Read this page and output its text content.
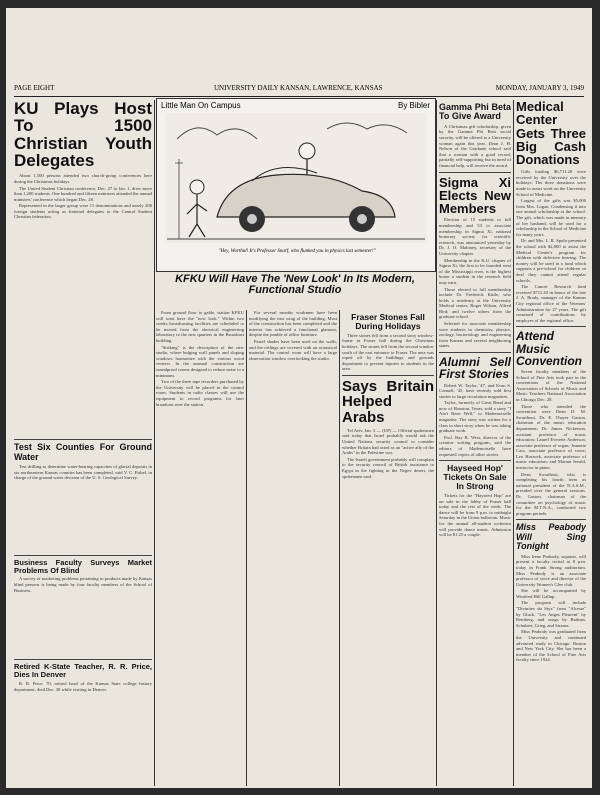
PAGE EIGHT	UNIVERSITY DAILY KANSAN, LAWRENCE, KANSAS	MONDAY, JANUARY 3, 1949
KU Plays Host To 1500 Christian Youth Delegates

About 1,500 persons attended two church-group conferences here during the Christmas holidays.

The United Student Christian conference, Dec. 27 to Jan. 1, drew more than 1,200 students. One hundred and fifteen ministers attended the annual ministers' conference which began Dec. 28.

Represented in the larger group were 11 denominations and nearly 200 foreign students acting as fraternal delegates to the Central Student Christian federation.

Test Six Counties For Ground Water

Test drilling to determine water-bearing capacities of glacial deposits in six northeastern Kansas counties has been completed, said V. C. Fishel, in charge of the ground water division of the U. S. Geological Survey.

Business Faculty Surveys Market Problems Of Blind

A survey of marketing problems pertaining to products made by Kansas blind persons is being made by four faculty members of the School of Business.

Retired K-State Teacher, R. R. Price, Dies In Denver

R. R. Price, 70, retired head of the Kansas State college history department, died Dec. 30 while visiting in Denver.

Little Man On Campus	By Bibler
"Hey, Worthal! It's Professor Snarf, who flunked you in physics last semester!"
KFKU Will Have The 'New Look' In Its Modern, Functional Studio

From ground floor to gable, station KFKU will soon have the "new look." Within two weeks broadcasting facilities are scheduled to be moved from the electrical engineering laboratory to the new quarters in the Broadcast building.

"Striking" is the description of the new studio, where bulging wall panels and sloping windows harmonize with the various wood veneers. In the unusual construction are soundproof rooms designed to reduce noise to a minimum.

Two of the three tape recorders purchased by the University will be placed in the control room. Students in radio classes will use the equipment to record programs for later broadcast over the station.

For several months workmen have been modifying the east wing of the building. Most of the construction has been completed and the interior has achieved a functional glamour, despite the jumble of office furniture.

Pastel shades have been used on the walls, and the ceilings are covered with an acoustical material. The control room will have a large observation window overlooking the studio.

Fraser Stones Fall During Holidays

Three stones fell from a second story window-frame in Fraser hall during the Christmas holidays. The stones fell from the second window south of the east entrance to Fraser. The area was roped off by the buildings and grounds department to prevent injuries to students in the area.

Says Britain Helped Arabs

Tel Aviv, Jan. 3 — (UP) — Official spokesmen said today that Israel probably would ask the United Nations security council to consider whether Britain had acted as an "active ally of the Arabs" in the Palestine war.

The Israeli government probably will complain to the security council of British assistance to Egypt in the fighting in the Negev desert, the spokesmen said.

Gamma Phi Beta To Give Award

A Christmas gift scholarship, given by the Gamma Phi Beta social sorority, will be offered to a University woman again this year. Dean J. H. Nelson of the Graduate school said that a woman with a good record, partially self-supporting but in need of financial help, will receive the award.

Sigma Xi Elects New Members

Election of 15 students to full membership and 53 to associate membership in Sigma Xi, national honorary society for scientific research, was announced yesterday by Dr. J. O. Maloney, secretary of the University chapter.

Membership in the K.U. chapter of Sigma Xi, the first to be founded west of the Mississippi river, is the highest honor a student in the research field may earn.

Those elected to full membership include Dr. Frederick Kittle, who holds a residency at the University Medical center; Roger Wilson, Alfred Bird; and twelve others from the graduate school.

Selected for associate membership were students in chemistry, physics, zoology, bacteriology and engineering from Kansas and several neighboring states.

Alumni Sell First Stories

Robert W. Taylor, '47, and Evan S. Connell, '45, have recently sold first stories to large circulation magazines.

Taylor, formerly of Great Bend and now of Houston, Texas, sold a story "I Ain't Been Well," to Mademoiselle magazine. The story was written for a class in short story when he was taking graduate work.

Prof. Ray B. West, director of the creative writing program, said the editors of Mademoiselle have requested copies of other stories.

Hayseed Hop' Tickets On Sale In Strong

Tickets for the "Hayseed Hop" are on sale in the lobby of Fraser hall today and the rest of the week. The dance will be from 9 p.m. to midnight Saturday in the Union ballroom. Music for the annual all-student orchestra will provide dance music. Admission will be $1.25 a couple.

Medical Center Gets Three Big Cash Donations

Gifts totaling $6,711.20 were received by the University over the holidays. The three donations were made to assist work on the University School of Medicine.

Largest of the gifts was $5,000 from Mrs. Logan. Condensing it into one annual scholarship at the school. The gift, which was made in memory of her husband, will be used for a scholarship in the School of Medicine for many years.

Dr. and Mrs. L. R. Spohr presented the school with $2,000 to assist the Medical Center's program for children with defective hearing. The money will be used in a fund which supports a pre-school for children so deaf they cannot attend regular schools.

The Cancer Research fund received $711.20 in honor of the late J. A. Brady, manager of the Kansas City regional office of the Veterans' Administration for 27 years. The gift consisted of contributions by employes of the regional office.

Attend Music Convention

Seven faculty members of the School of Fine Arts took part in the conventions of the National Association of Schools of Music and Music Teachers National Association in Chicago Dec. 28.

Those who attended the convention were Dean D. M. Swarthout, Dr. E. Thayer Gaston, chairman of the music education department; Dr. James Nickerson, assistant professor of music education; Laurel Everette Anderson, associate professor of organ; Jeanette Cass, associate professor of voice; Leo Horacek, associate professor of music education; and Marian Jersild, instructor in piano.

Dean Swarthout, who is completing his fourth term as national president of the N.A.S.M., presided over the general sessions. Dr. Gaston, chairman of the committee on psychology of music for the M.T.N.A., conducted two program periods.

Miss Peabody Will Sing Tonight

Miss Irene Peabody, soprano, will present a faculty recital at 8 p.m. today in Frank Strong auditorium. Miss Peabody is an associate professor of voice and director of the University Women's Glee club.

She will be accompanied by Winifred Hill Gallup.

The program will include "Divinites du Styx" from "Alceste" by Gluck, "Les Anges Pleurent" by Bemberg, and songs by Brahms, Schubert, Grieg, and Strauss.

Miss Peabody was graduated from the University and continued advanced study in Chicago, Boston and New York City. She has been a member of the School of Fine Arts faculty since 1924.
